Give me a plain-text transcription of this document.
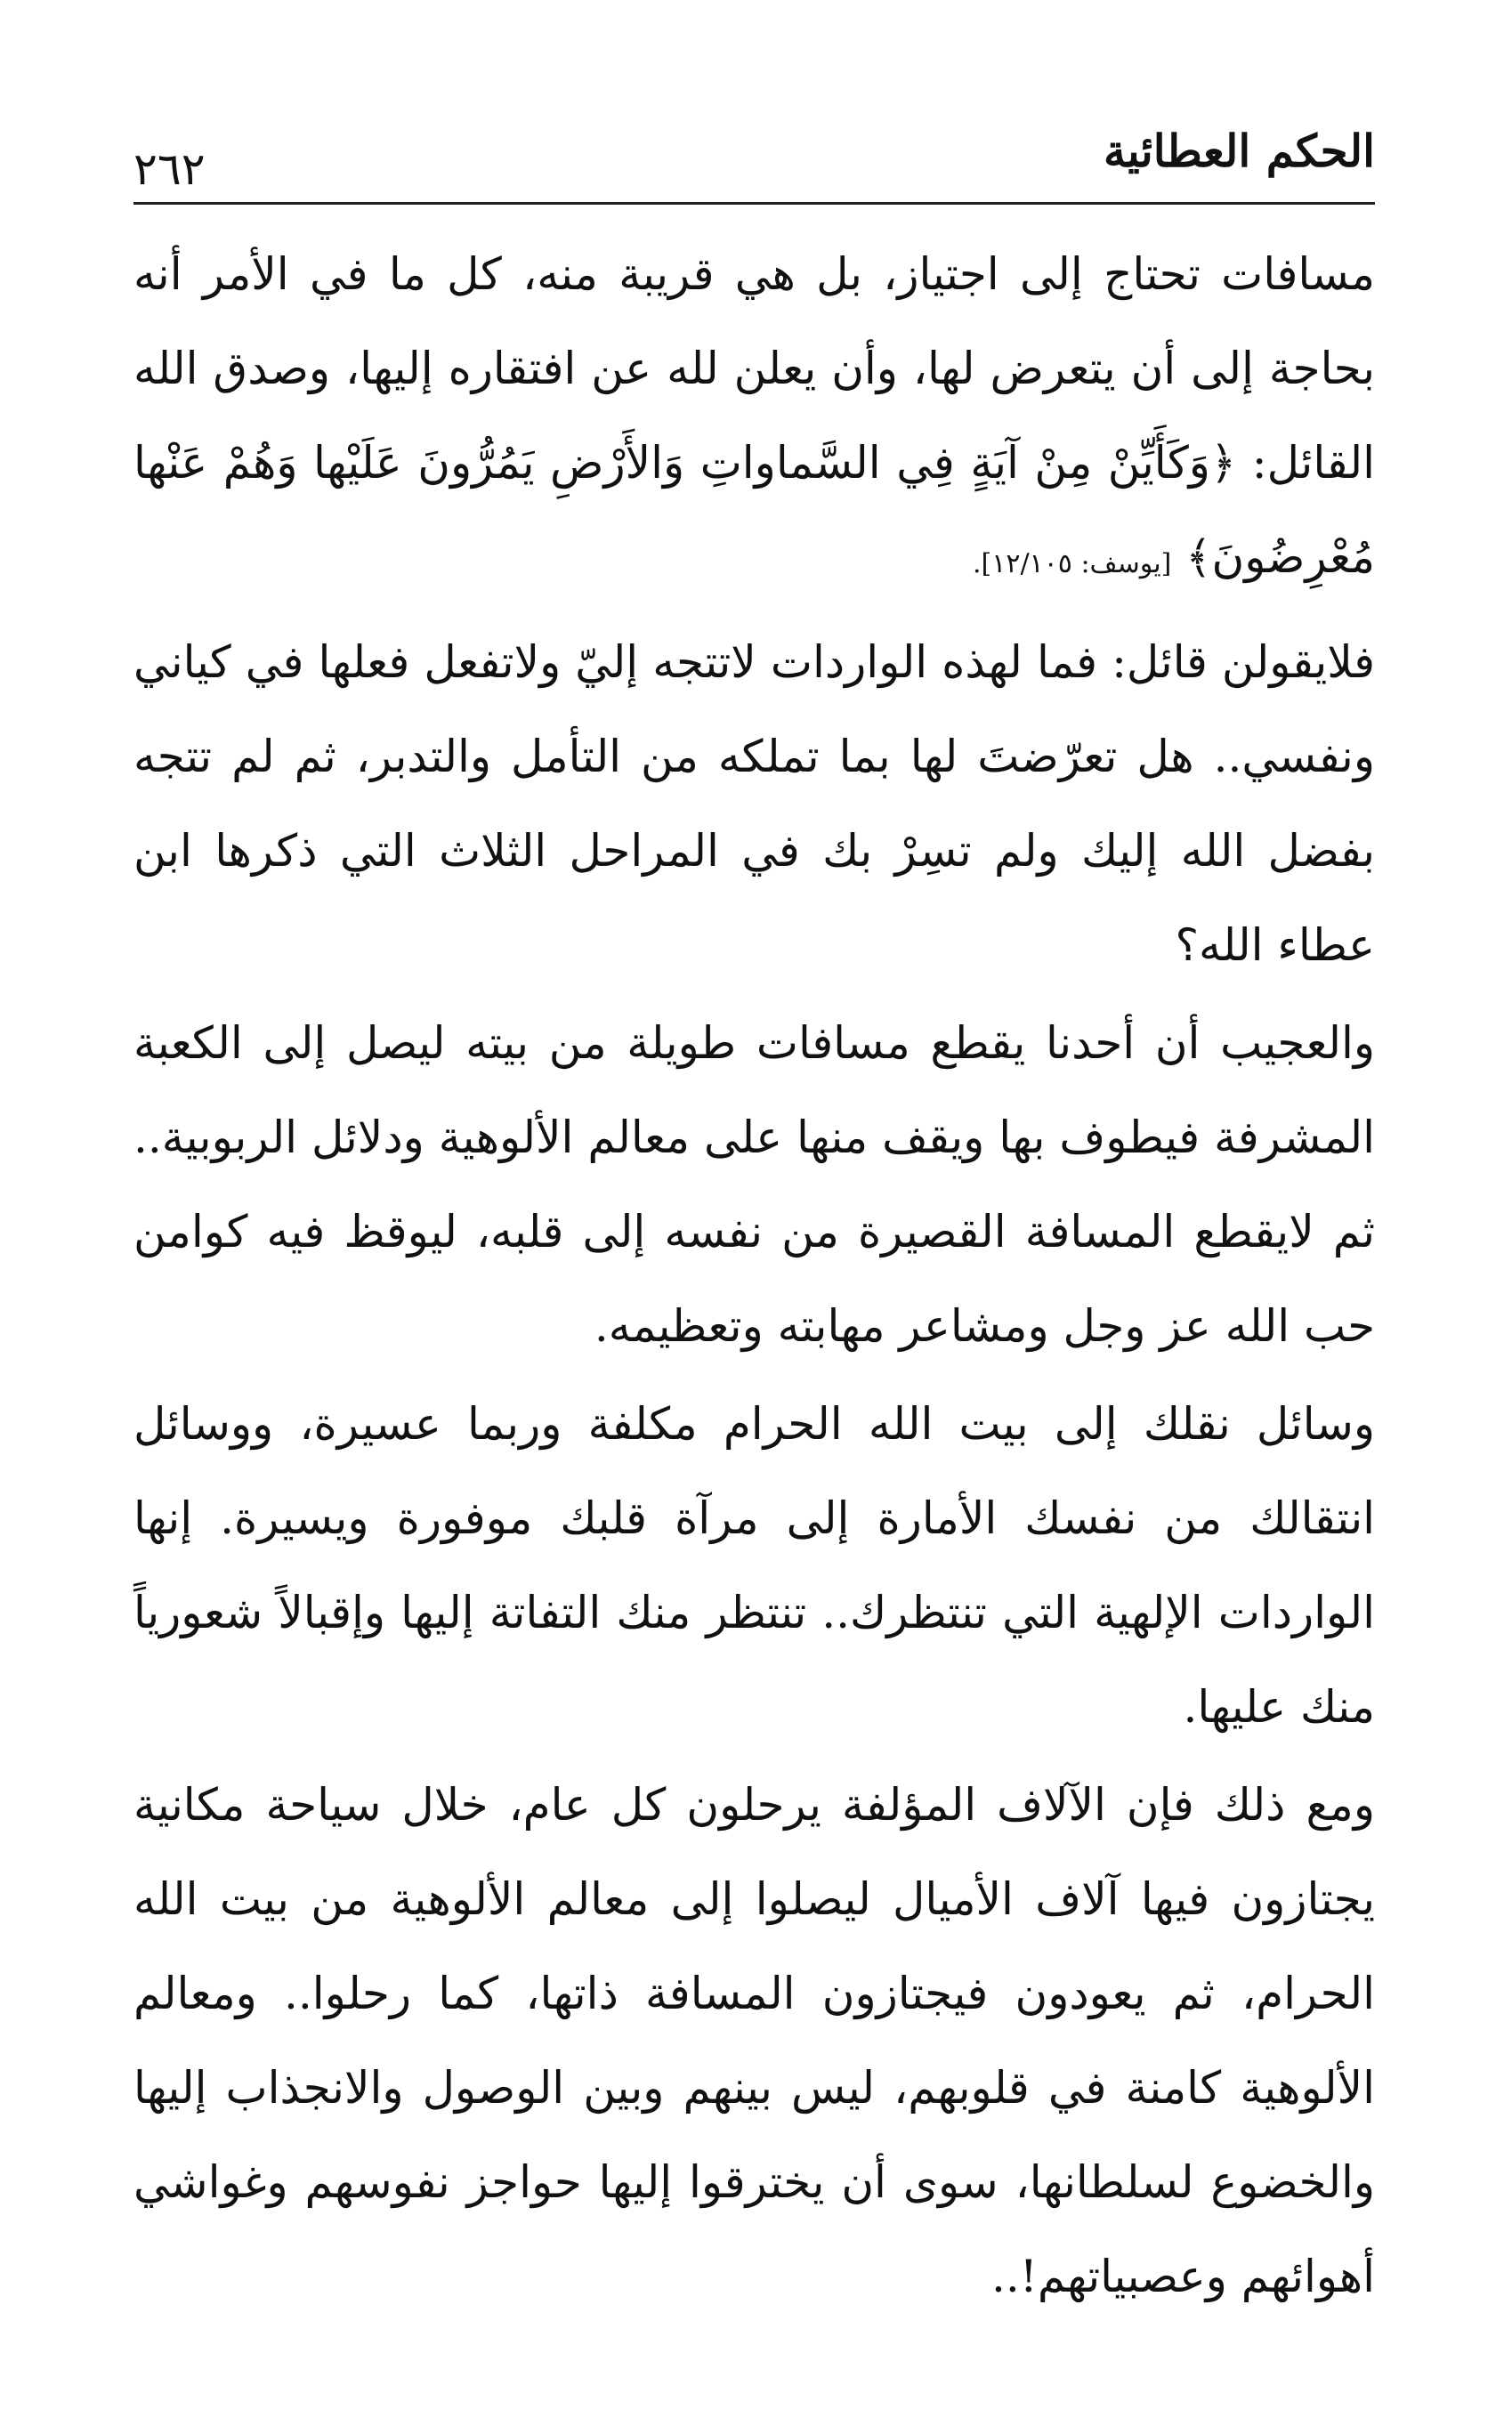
الحكم العطائية
٢٦٢

مسافات تحتاج إلى اجتياز، بل هي قريبة منه، كل ما في الأمر أنه بحاجة إلى أن يتعرض لها، وأن يعلن لله عن افتقاره إليها، وصدق الله القائل: ﴿وَكَأَيِّنْ مِنْ آيَةٍ فِي السَّماواتِ وَالأَرْضِ يَمُرُّونَ عَلَيْها وَهُمْ عَنْها مُعْرِضُونَ﴾ [يوسف: ١٢/١٠٥].

فلايقولن قائل: فما لهذه الواردات لاتتجه إليّ ولاتفعل فعلها في كياني ونفسي.. هل تعرّضتَ لها بما تملكه من التأمل والتدبر، ثم لم تتجه بفضل الله إليك ولم تسِرْ بك في المراحل الثلاث التي ذكرها ابن عطاء الله؟

والعجيب أن أحدنا يقطع مسافات طويلة من بيته ليصل إلى الكعبة المشرفة فيطوف بها ويقف منها على معالم الألوهية ودلائل الربوبية.. ثم لايقطع المسافة القصيرة من نفسه إلى قلبه، ليوقظ فيه كوامن حب الله عز وجل ومشاعر مهابته وتعظيمه.

وسائل نقلك إلى بيت الله الحرام مكلفة وربما عسيرة، ووسائل انتقالك من نفسك الأمارة إلى مرآة قلبك موفورة ويسيرة. إنها الواردات الإلهية التي تنتظرك.. تنتظر منك التفاتة إليها وإقبالاً شعورياً منك عليها.

ومع ذلك فإن الآلاف المؤلفة يرحلون كل عام، خلال سياحة مكانية يجتازون فيها آلاف الأميال ليصلوا إلى معالم الألوهية من بيت الله الحرام، ثم يعودون فيجتازون المسافة ذاتها، كما رحلوا.. ومعالم الألوهية كامنة في قلوبهم، ليس بينهم وبين الوصول والانجذاب إليها والخضوع لسلطانها، سوى أن يخترقوا إليها حواجز نفوسهم وغواشي أهوائهم وعصبياتهم!..
